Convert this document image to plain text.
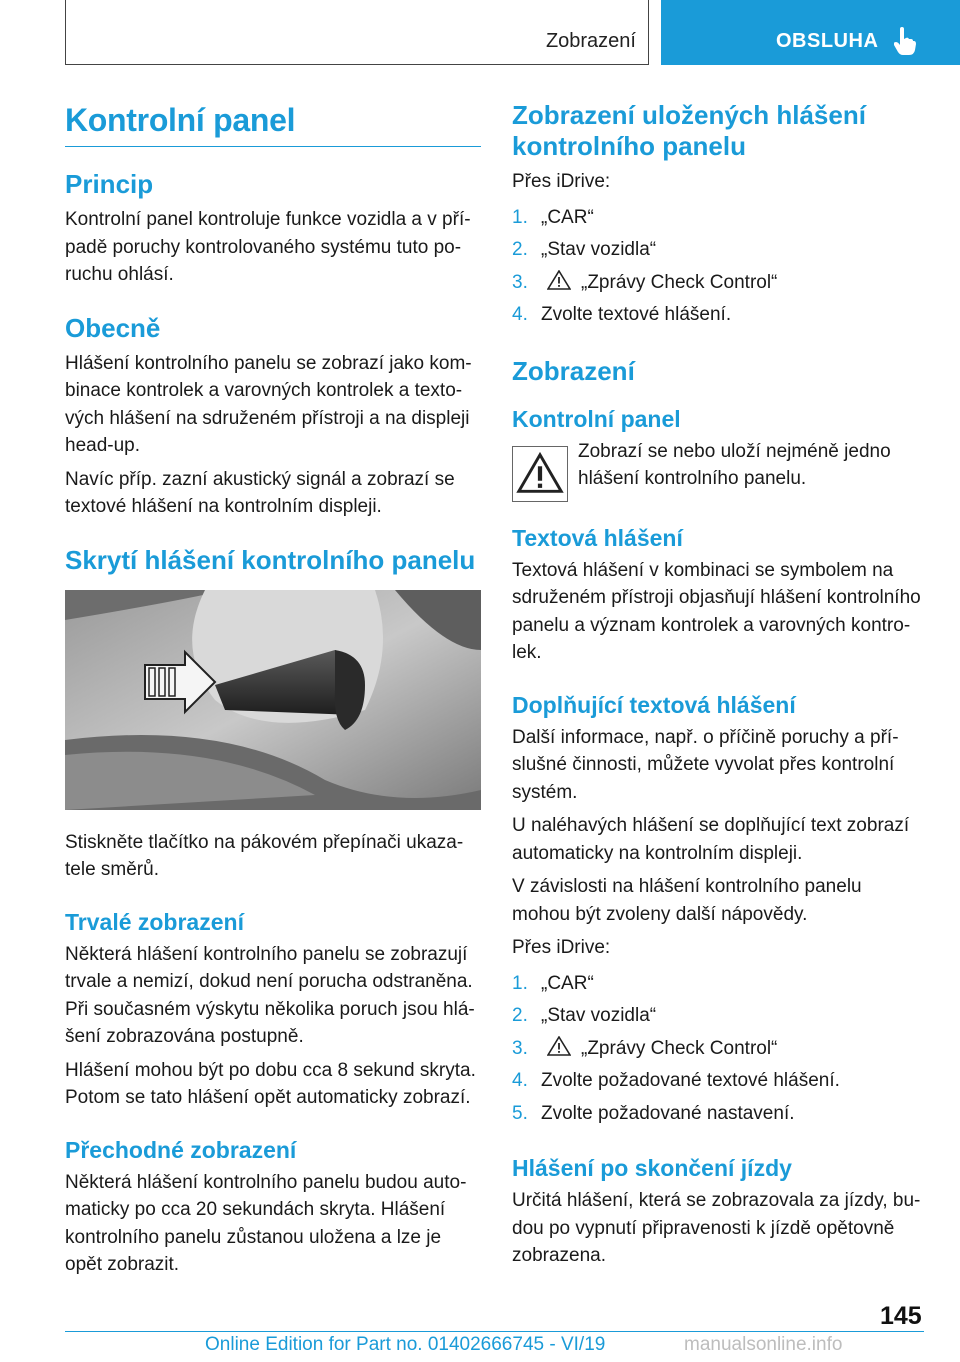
Zobrazení	OBSLUHA
Kontrolní panel
Princip

Kontrolní panel kontroluje funkce vozidla a v případě poruchy kontrolovaného systému tuto poruchu ohlásí.

Obecně

Hlášení kontrolního panelu se zobrazí jako kombinace kontrolek a varovných kontrolek a textových hlášení na sdruženém přístroji a na displeji head-up.

Navíc příp. zazní akustický signál a zobrazí se textové hlášení na kontrolním displeji.

Skrytí hlášení kontrolního panelu

Stiskněte tlačítko na pákovém přepínači ukazatele směrů.

Trvalé zobrazení

Některá hlášení kontrolního panelu se zobrazují trvale a nemizí, dokud není porucha odstraněna. Při současném výskytu několika poruch jsou hlášení zobrazována postupně.

Hlášení mohou být po dobu cca 8 sekund skryta. Potom se tato hlášení opět automaticky zobrazí.

Přechodné zobrazení

Některá hlášení kontrolního panelu budou automaticky po cca 20 sekundách skryta. Hlášení kontrolního panelu zůstanou uložena a lze je opět zobrazit.

Zobrazení uložených hlášení kontrolního panelu

Přes iDrive:

1. „CAR“
2. „Stav vozidla“
3.	„Zprávy Check Control“
4. Zvolte textové hlášení.
Zobrazení
Kontrolní panel

Zobrazí se nebo uloží nejméně jedno hlášení kontrolního panelu.

Textová hlášení

Textová hlášení v kombinaci se symbolem na sdruženém přístroji objasňují hlášení kontrolního panelu a význam kontrolek a varovných kontrolek.

Doplňující textová hlášení

Další informace, např. o příčině poruchy a příslušné činnosti, můžete vyvolat přes kontrolní systém.

U naléhavých hlášení se doplňující text zobrazí automaticky na kontrolním displeji.

V závislosti na hlášení kontrolního panelu mohou být zvoleny další nápovědy.

Přes iDrive:

1. „CAR“
2. „Stav vozidla“
3.	„Zprávy Check Control“
4. Zvolte požadované textové hlášení.
5. Zvolte požadované nastavení.
Hlášení po skončení jízdy

Určitá hlášení, která se zobrazovala za jízdy, budou po vypnutí připravenosti k jízdě opětovně zobrazena.

145
Online Edition for Part no. 01402666745 - VI/19	manualsonline.info
